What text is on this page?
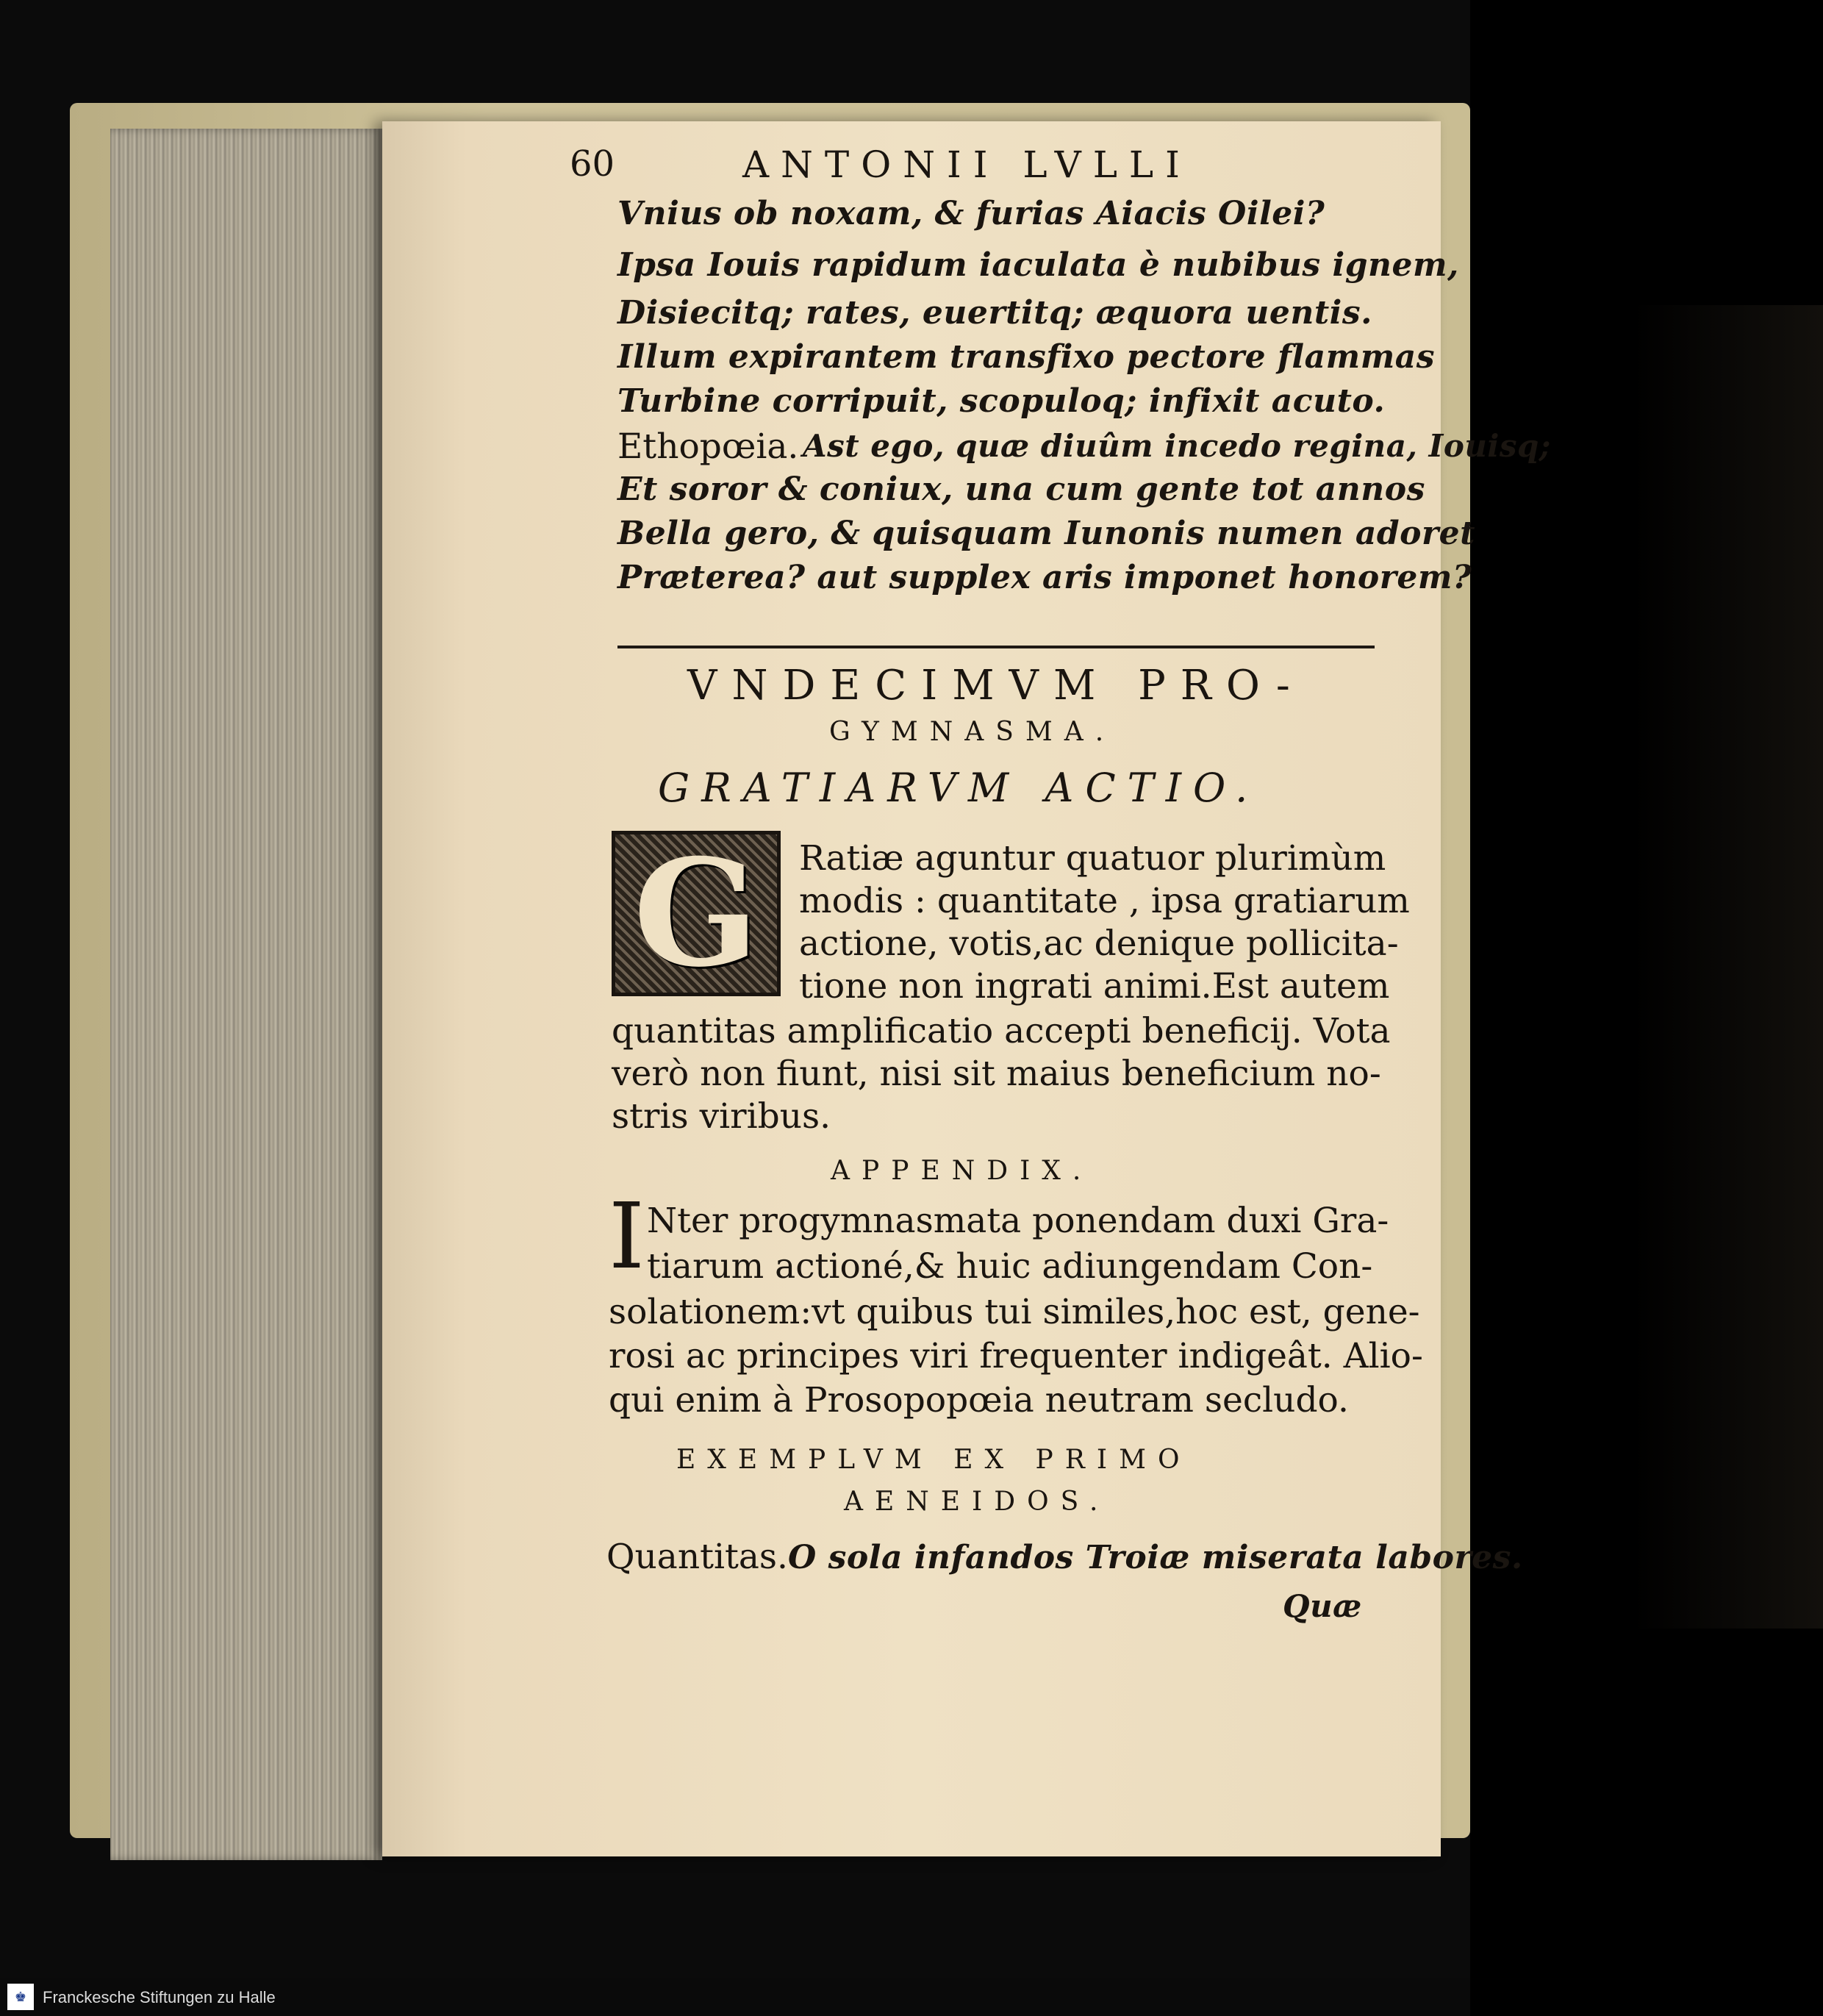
60	ANTONII LVLLI
Vnius ob noxam, & furias Aiacis Oilei?
Ipsa Iouis rapidum iaculata è nubibus ignem,
Disiecitq; rates, euertitq; æquora uentis.
Illum expirantem transfixo pectore flammas
Turbine corripuit, scopuloq; infixit acuto.
Ethopœia. Ast ego, quæ diuûm incedo regina, Iouisq;
Et soror & coniux, una cum gente tot annos
Bella gero, & quisquam Iunonis numen adoret
Præterea? aut supplex aris imponet honorem?
VNDECIMVM PRO-
GYMNASMA.
GRATIARVM ACTIO.
G Ratiæ aguntur quatuor plurimùm
modis : quantitate , ipsa gratiarum
actione, votis,ac denique pollicita-
tione non ingrati animi.Est autem
quantitas amplificatio accepti beneficij. Vota
verò non fiunt, nisi sit maius beneficium no-
stris viribus.
APPENDIX.
I Nter progymnasmata ponendam duxi Gra-
tiarum actioné,& huic adiungendam Con-
solationem:vt quibus tui similes,hoc est, gene-
rosi ac principes viri frequenter indigeât. Alio-
qui enim à Prosopopœia neutram secludo.
EXEMPLVM EX PRIMO
AENEIDOS.
Quantitas. O sola infandos Troiæ miserata labores.
Quæ
♚ Franckesche Stiftungen zu Halle
